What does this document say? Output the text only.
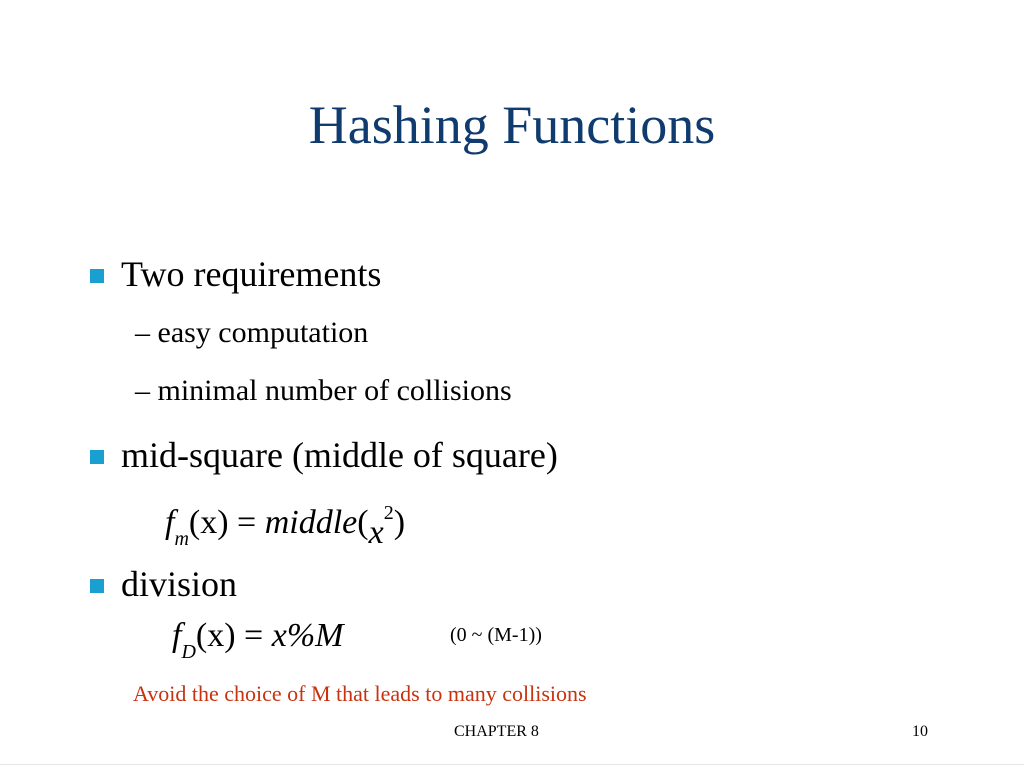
Hashing Functions
Two requirements
– easy computation
– minimal number of collisions
mid-square (middle of square)
$f_m(x)$ = $middle(x^2)$
division
$f_D(x) = x\%M$	(0 ~ (M-1))
Avoid the choice of M that leads to many collisions
CHAPTER 8	10
